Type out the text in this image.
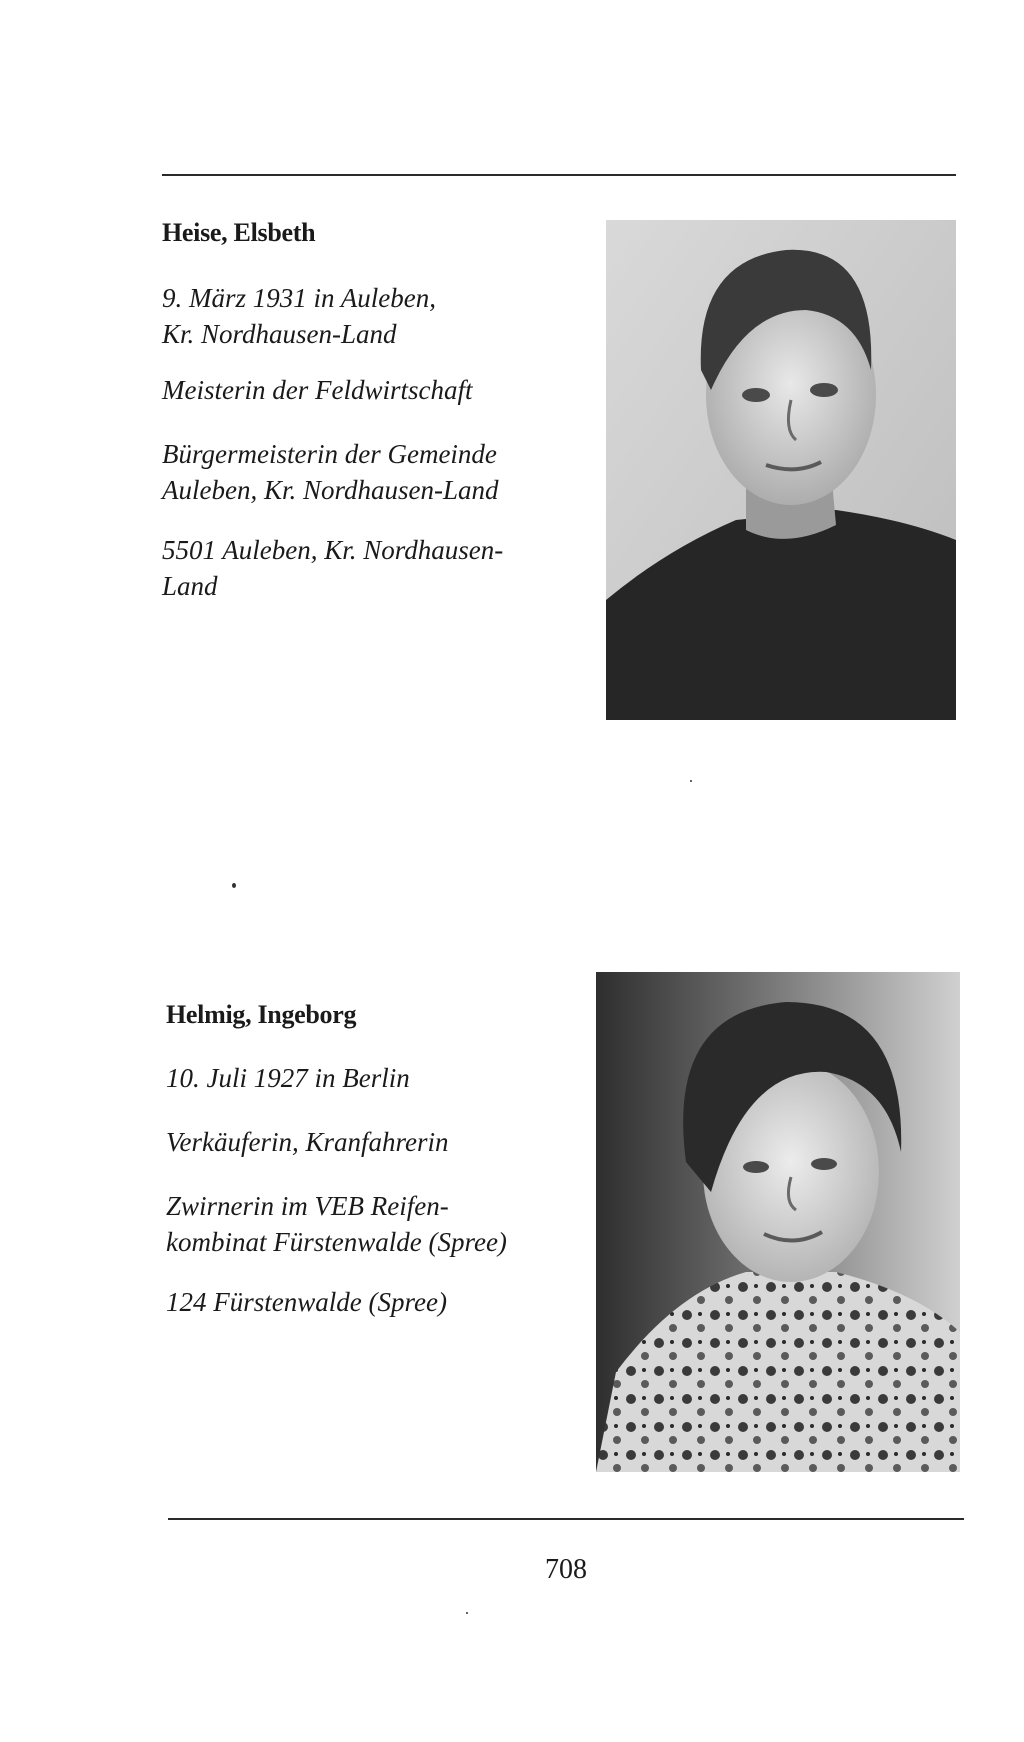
Heise, Elsbeth
9. März 1931 in Auleben,
Kr. Nordhausen-Land
Meisterin der Feldwirtschaft
Bürgermeisterin der Gemeinde
Auleben, Kr. Nordhausen-Land
5501 Auleben, Kr. Nordhausen-
Land
Helmig, Ingeborg
10. Juli 1927 in Berlin
Verkäuferin, Kranfahrerin
Zwirnerin im VEB Reifen-
kombinat Fürstenwalde (Spree)
124 Fürstenwalde (Spree)
708
